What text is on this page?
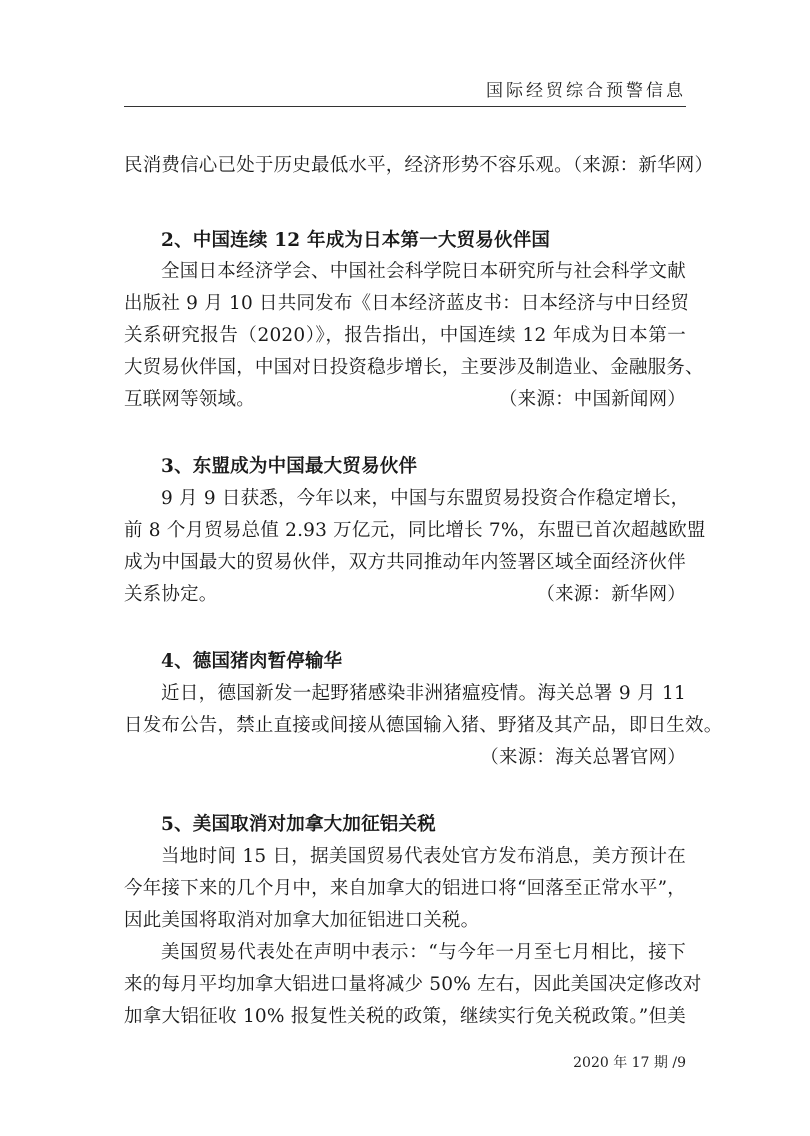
国际经贸综合预警信息
民消费信心已处于历史最低水平，经济形势不容乐观。（来源：新华网）
2、中国连续 12 年成为日本第一大贸易伙伴国
全国日本经济学会、中国社会科学院日本研究所与社会科学文献
出版社 9 月 10 日共同发布《日本经济蓝皮书：日本经济与中日经贸
关系研究报告（2020）》，报告指出，中国连续 12 年成为日本第一
大贸易伙伴国，中国对日投资稳步增长，主要涉及制造业、金融服务、
互联网等领域。	（来源：中国新闻网）
3、东盟成为中国最大贸易伙伴
9 月 9 日获悉，今年以来，中国与东盟贸易投资合作稳定增长，
前 8 个月贸易总值 2.93 万亿元，同比增长 7%，东盟已首次超越欧盟
成为中国最大的贸易伙伴，双方共同推动年内签署区域全面经济伙伴
关系协定。	（来源：新华网）
4、德国猪肉暂停输华
近日，德国新发一起野猪感染非洲猪瘟疫情。海关总署 9 月 11
日发布公告，禁止直接或间接从德国输入猪、野猪及其产品，即日生效。
（来源：海关总署官网）
5、美国取消对加拿大加征铝关税
当地时间 15 日，据美国贸易代表处官方发布消息，美方预计在
今年接下来的几个月中，来自加拿大的铝进口将“回落至正常水平”，
因此美国将取消对加拿大加征铝进口关税。
美国贸易代表处在声明中表示：“与今年一月至七月相比，接下
来的每月平均加拿大铝进口量将减少 50% 左右，因此美国决定修改对
加拿大铝征收 10% 报复性关税的政策，继续实行免关税政策。”但美
2020 年 17 期 /9
